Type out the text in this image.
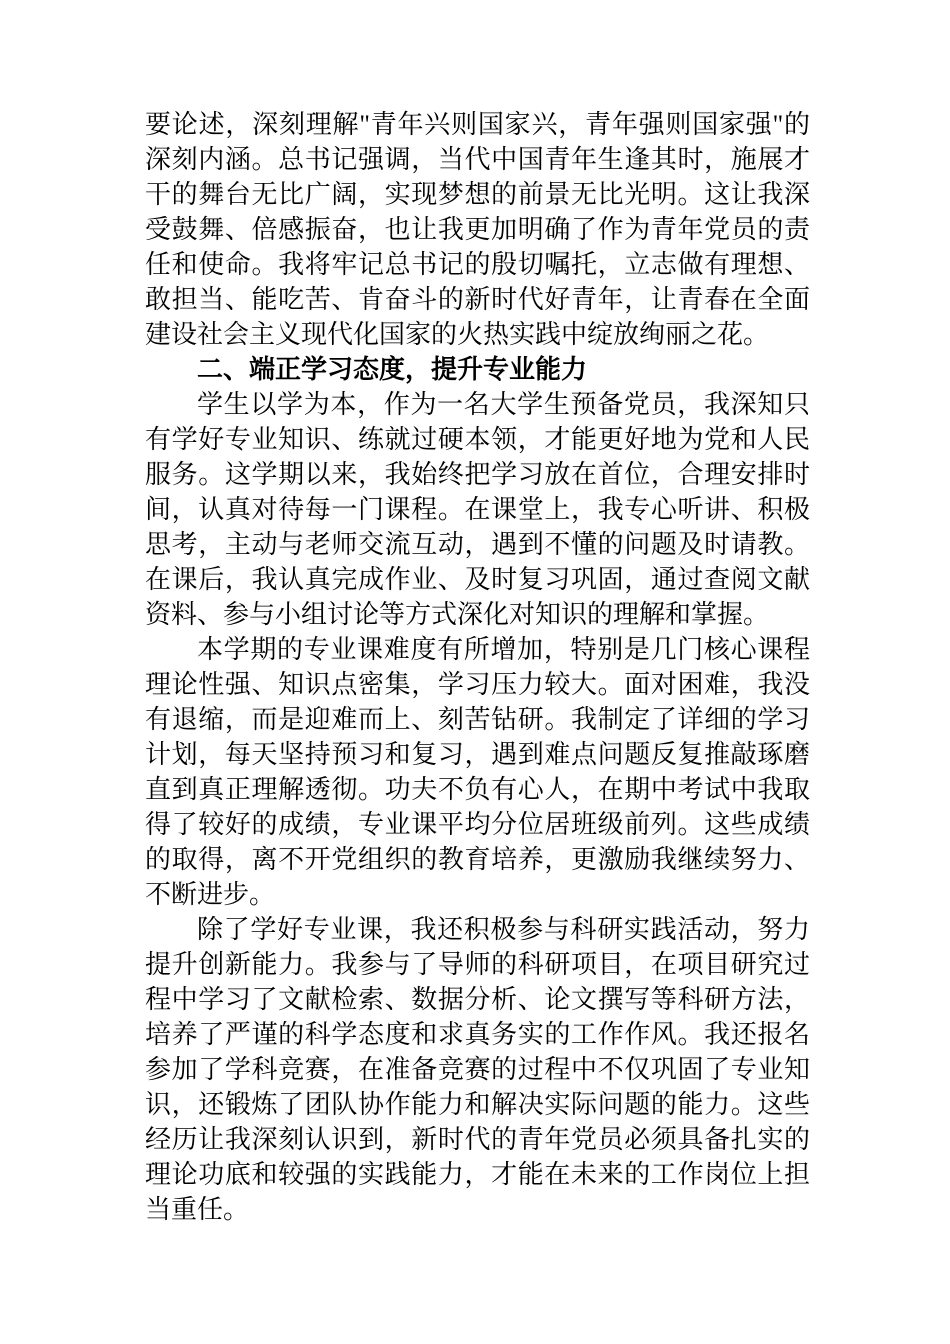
要论述，深刻理解"青年兴则国家兴，青年强则国家强"的深刻内涵。总书记强调，当代中国青年生逢其时，施展才干的舞台无比广阔，实现梦想的前景无比光明。这让我深受鼓舞、倍感振奋，也让我更加明确了作为青年党员的责任和使命。我将牢记总书记的殷切嘱托，立志做有理想、敢担当、能吃苦、肯奋斗的新时代好青年，让青春在全面建设社会主义现代化国家的火热实践中绽放绚丽之花。

二、端正学习态度，提升专业能力

学生以学为本，作为一名大学生预备党员，我深知只有学好专业知识、练就过硬本领，才能更好地为党和人民服务。这学期以来，我始终把学习放在首位，合理安排时间，认真对待每一门课程。在课堂上，我专心听讲、积极思考，主动与老师交流互动，遇到不懂的问题及时请教。在课后，我认真完成作业、及时复习巩固，通过查阅文献资料、参与小组讨论等方式深化对知识的理解和掌握。

本学期的专业课难度有所增加，特别是几门核心课程理论性强、知识点密集，学习压力较大。面对困难，我没有退缩，而是迎难而上、刻苦钻研。我制定了详细的学习计划，每天坚持预习和复习，遇到难点问题反复推敲琢磨直到真正理解透彻。功夫不负有心人，在期中考试中我取得了较好的成绩，专业课平均分位居班级前列。这些成绩的取得，离不开党组织的教育培养，更激励我继续努力、不断进步。

除了学好专业课，我还积极参与科研实践活动，努力提升创新能力。我参与了导师的科研项目，在项目研究过程中学习了文献检索、数据分析、论文撰写等科研方法，培养了严谨的科学态度和求真务实的工作作风。我还报名参加了学科竞赛，在准备竞赛的过程中不仅巩固了专业知识，还锻炼了团队协作能力和解决实际问题的能力。这些经历让我深刻认识到，新时代的青年党员必须具备扎实的理论功底和较强的实践能力，才能在未来的工作岗位上担当重任。
